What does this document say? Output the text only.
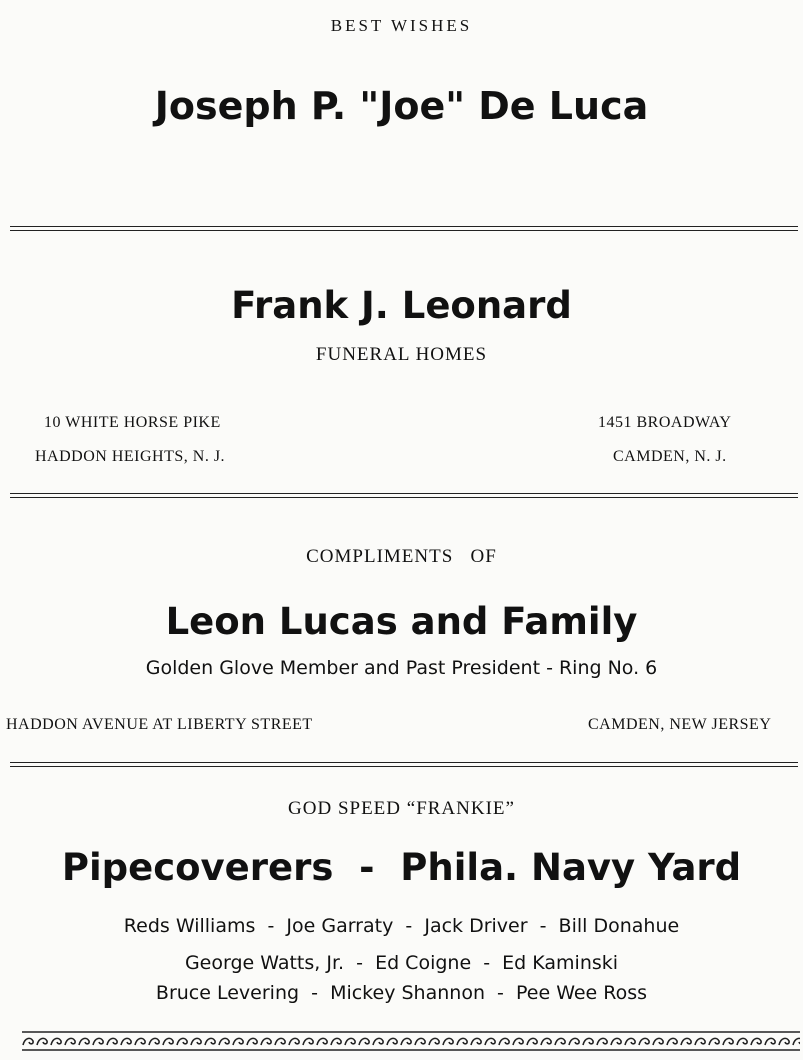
BEST WISHES
Joseph P. "Joe" De Luca
Frank J. Leonard
FUNERAL HOMES
10 WHITE HORSE PIKE
HADDON HEIGHTS, N. J.
1451 BROADWAY
CAMDEN, N. J.
COMPLIMENTS   OF
Leon Lucas and Family
Golden Glove Member and Past President - Ring No. 6
HADDON AVENUE AT LIBERTY STREET	CAMDEN, NEW JERSEY
GOD SPEED “FRANKIE”
Pipecoverers  -  Phila. Navy Yard
Reds Williams  -  Joe Garraty  -  Jack Driver  -  Bill Donahue
George Watts, Jr.  -  Ed Coigne  -  Ed Kaminski
Bruce Levering  -  Mickey Shannon  -  Pee Wee Ross
